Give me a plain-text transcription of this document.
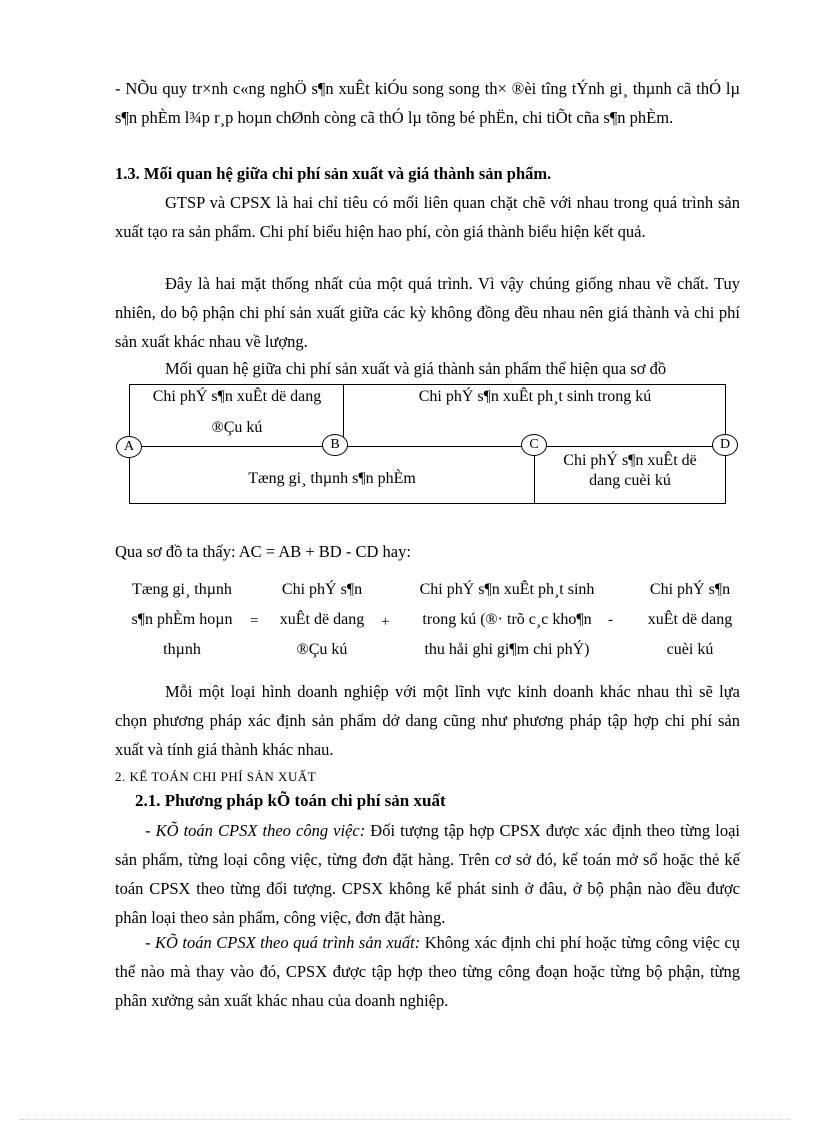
- NÕu quy tr×nh c«ng nghÖ s¶n xuÊt kiÓu song song th× ®èi tîng tÝnh gi¸ thµnh cã thÓ lµ s¶n phÈm l¾p r¸p hoµn chØnh còng cã thÓ lµ tõng bé phËn, chi tiÕt cña s¶n phÈm.

1.3. Mối quan hệ giữa chi phí sản xuất và giá thành sản phẩm.

GTSP và CPSX là hai chỉ tiêu có mối liên quan chặt chẽ với nhau trong quá trình sản xuất tạo ra sản phẩm. Chi phí biểu hiện hao phí, còn giá thành biểu hiện kết quả.

Đây là hai mặt thống nhất của một quá trình. Vì vậy chúng giống nhau về chất. Tuy nhiên, do bộ phận chi phí sản xuất giữa các kỳ không đồng đều nhau nên giá thành và chi phí sản xuất khác nhau về lượng.

Mối quan hệ giữa chi phí sản xuất và giá thành sản phẩm thể hiện qua sơ đồ

Chi phÝ s¶n xuÊt dë dang
®Çu kú
Chi phÝ s¶n xuÊt ph¸t sinh trong kú
Tæng gi¸ thµnh s¶n phÈm
Chi phÝ s¶n xuÊt dë
dang cuèi kú
A	B	C	D

Qua sơ đồ ta thấy: AC = AB + BD - CD hay:

Tæng gi¸ thµnh
s¶n phÈm hoµn
thµnh
=
Chi phÝ s¶n
xuÊt dë dang
®Çu kú
+
Chi phÝ s¶n xuÊt ph¸t sinh
trong kú (®· trõ c¸c kho¶n
thu håi ghi gi¶m chi phÝ)
-
Chi phÝ s¶n
xuÊt dë dang
cuèi kú

Mỗi một loại hình doanh nghiệp với một lĩnh vực kinh doanh khác nhau thì sẽ lựa chọn phương pháp xác định sản phẩm dở dang cũng như phương pháp tập hợp chi phí sản xuất và tính giá thành khác nhau.

2. KẾ TOÁN CHI PHÍ SẢN XUẤT

2.1. Phương pháp kÕ toán chi phí sản xuất

- KÕ toán CPSX theo công việc: Đối tượng tập hợp CPSX được xác định theo từng loại sản phẩm, từng loại công việc, từng đơn đặt hàng. Trên cơ sở đó, kế toán mở sổ hoặc thẻ kế toán CPSX theo từng đối tượng. CPSX không kể phát sinh ở đâu, ở bộ phận nào đều được phân loại theo sản phẩm, công việc, đơn đặt hàng.

- KÕ toán CPSX theo quá trình sản xuất: Không xác định chi phí hoặc từng công việc cụ thể nào mà thay vào đó, CPSX được tập hợp theo từng công đoạn hoặc từng bộ phận, từng phân xưởng sản xuất khác nhau của doanh nghiệp.
